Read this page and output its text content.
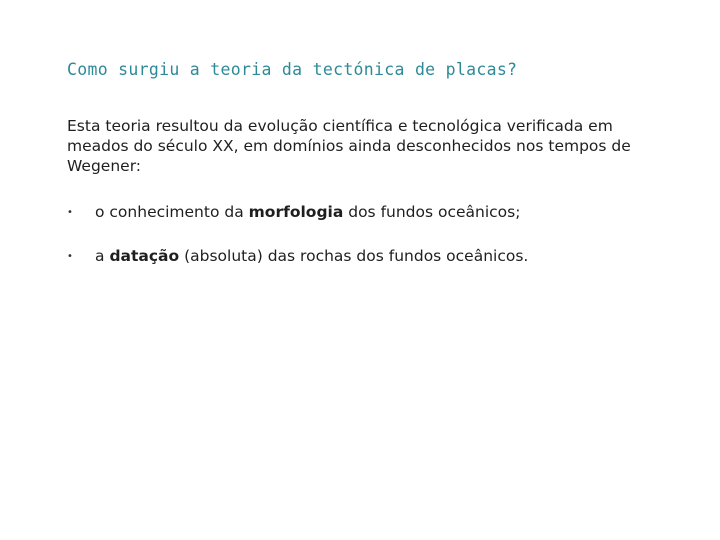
Como surgiu a teoria da tectónica de placas?
Esta teoria resultou da evolução científica e tecnológica verificada em meados do século XX, em domínios ainda desconhecidos nos tempos de Wegener:
• o conhecimento da morfologia dos fundos oceânicos;
• a datação (absoluta) das rochas dos fundos oceânicos.
